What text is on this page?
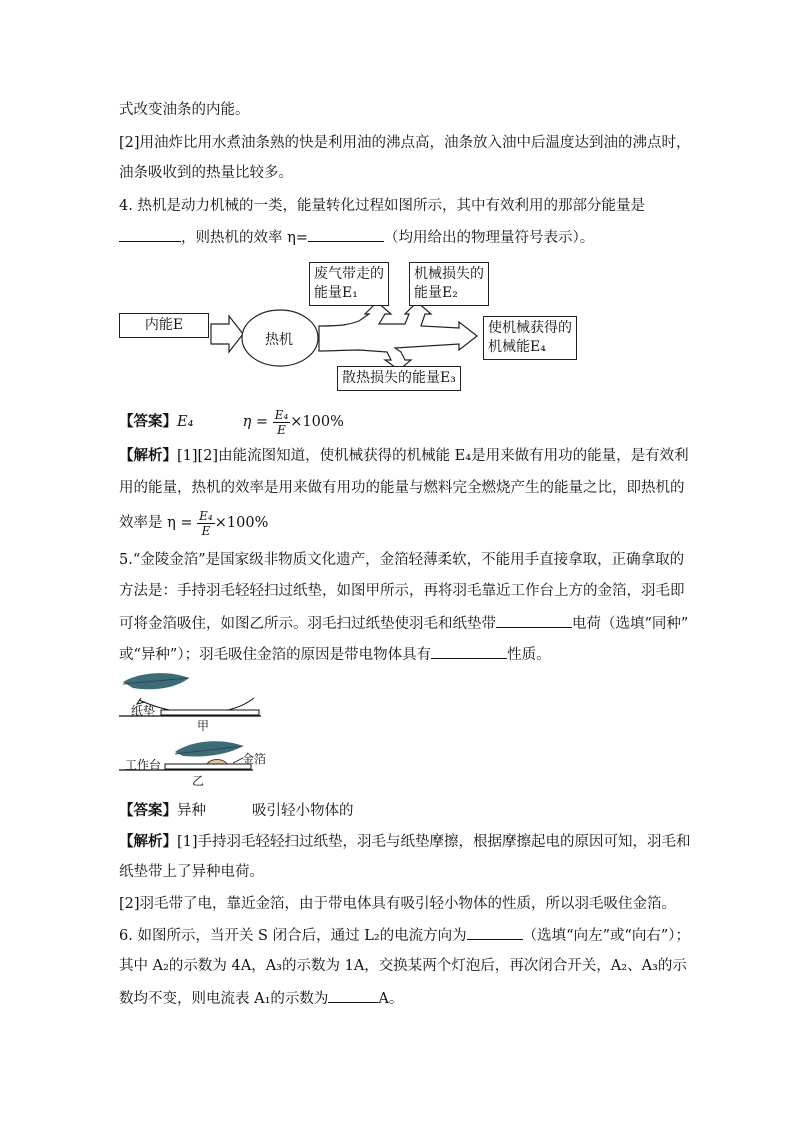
式改变油条的内能。
[2]用油炸比用水煮油条熟的快是利用油的沸点高，油条放入油中后温度达到油的沸点时，
油条吸收到的热量比较多。
4. 热机是动力机械的一类，能量转化过程如图所示，其中有效利用的那部分能量是
，则热机的效率 η=	（均用给出的物理量符号表示）。
内能E
热机
废气带走的
能量E₁
机械损失的
能量E₂
使机械获得的
机械能E₄
散热损失的能量E₃
【答案】E₄	$\eta = \frac{\text{E₄}}{E} \times 100\%$
【解析】[1][2]由能流图知道，使机械获得的机械能 E₄是用来做有用功的能量，是有效利
用的能量，热机的效率是用来做有用功的能量与燃料完全燃烧产生的能量之比，即热机的
效率是 $\eta = \frac{\text{E₄}}{E} \times 100\%$
5.“金陵金箔”是国家级非物质文化遗产，金箔轻薄柔软，不能用手直接拿取，正确拿取的
方法是：手持羽毛轻轻扫过纸垫，如图甲所示，再将羽毛靠近工作台上方的金箔，羽毛即
可将金箔吸住，如图乙所示。羽毛扫过纸垫使羽毛和纸垫带	电荷（选填“同种”
或“异种”）；羽毛吸住金箔的原因是带电物体具有	性质。
纸垫
甲
工作台	金箔
乙
【答案】异种	吸引轻小物体的
【解析】[1]手持羽毛轻轻扫过纸垫，羽毛与纸垫摩擦，根据摩擦起电的原因可知，羽毛和
纸垫带上了异种电荷。
[2]羽毛带了电，靠近金箔，由于带电体具有吸引轻小物体的性质，所以羽毛吸住金箔。
6. 如图所示，当开关 S 闭合后，通过 L₂的电流方向为	（选填“向左”或“向右”）；
其中 A₂的示数为 4A，A₃的示数为 1A，交换某两个灯泡后，再次闭合开关，A₂、A₃的示
数均不变，则电流表 A₁的示数为	A。
